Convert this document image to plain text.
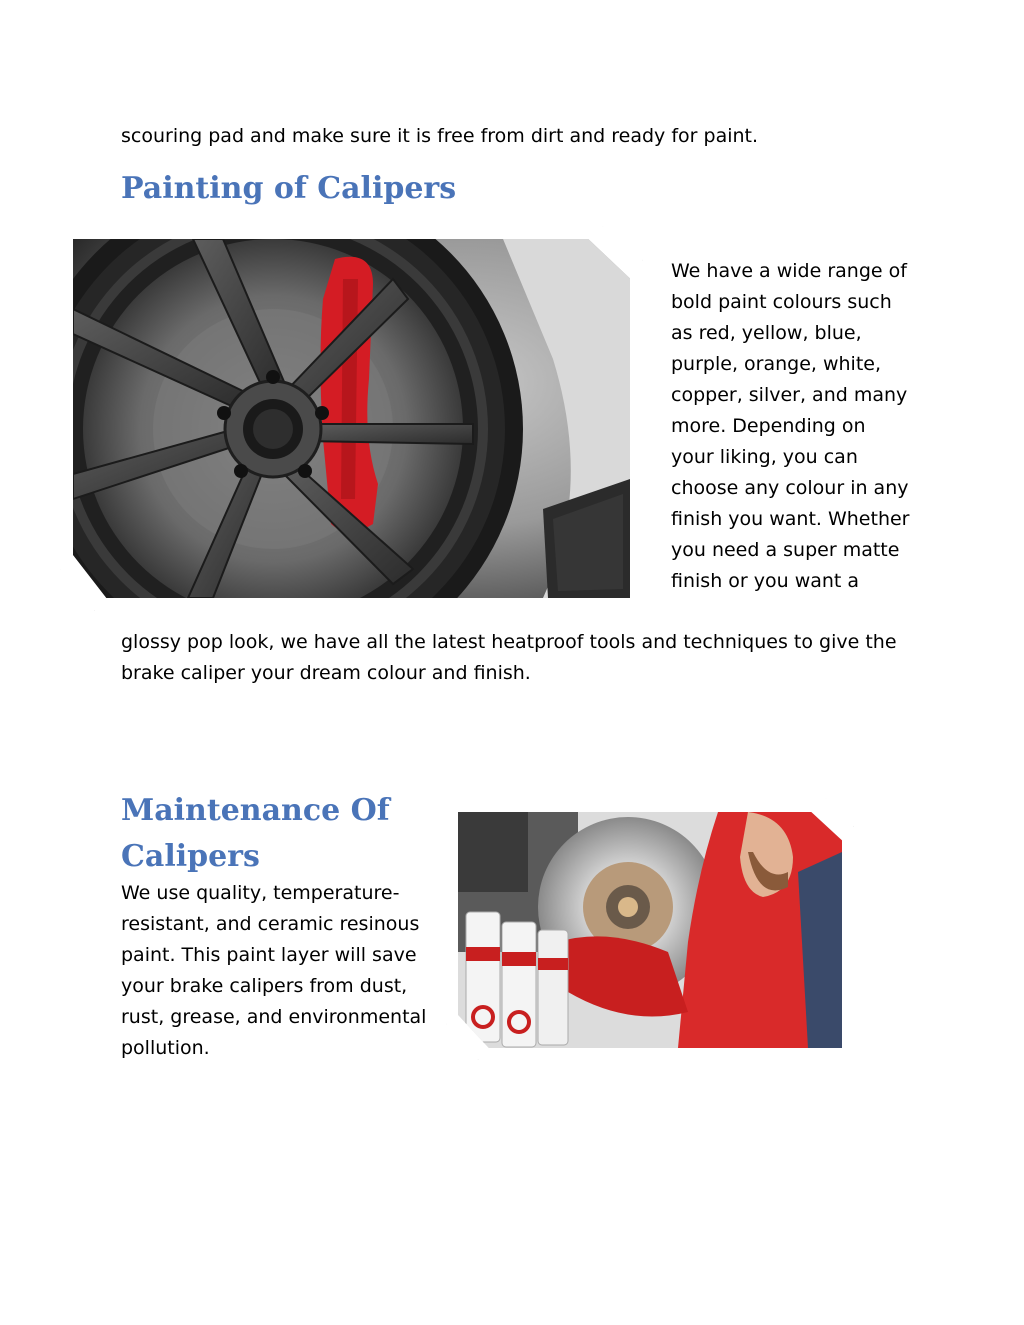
scouring pad and make sure it is free from dirt and ready for paint.
Painting of Calipers
We have a wide range of bold paint colours such as red, yellow, blue, purple, orange, white, copper, silver, and many more. Depending on your liking, you can choose any colour in any finish you want. Whether you need a super matte finish or you want a
glossy pop look, we have all the latest heatproof tools and techniques to give the brake caliper your dream colour and finish.
Maintenance Of Calipers
We use quality, temperature-resistant, and ceramic resinous paint. This paint layer will save your brake calipers from dust, rust, grease, and environmental pollution.
